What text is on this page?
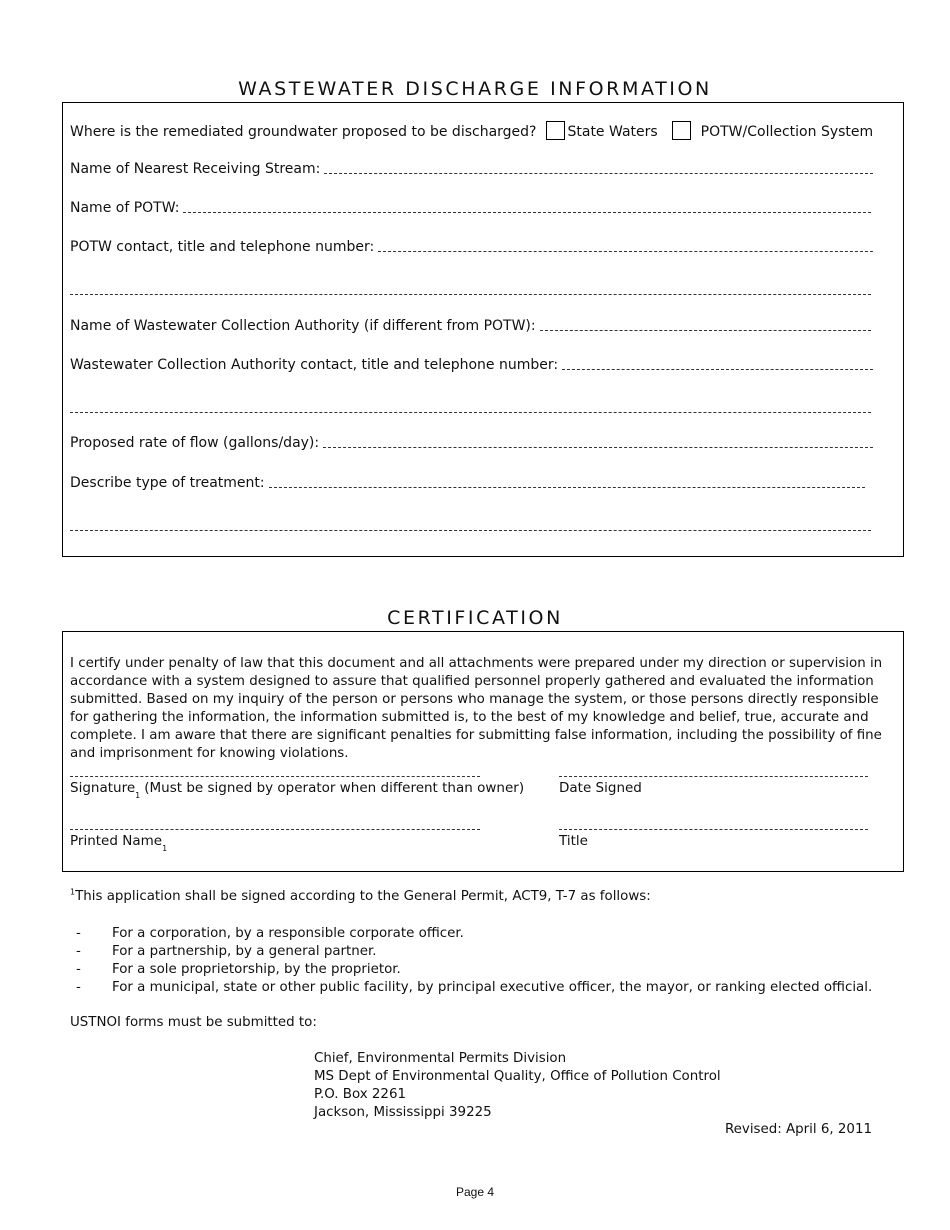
WASTEWATER DISCHARGE INFORMATION
Where is the remediated groundwater proposed to be discharged? State Waters	POTW/Collection System
Name of Nearest Receiving Stream:
Name of POTW:
POTW contact, title and telephone number:
Name of Wastewater Collection Authority (if different from POTW):
Wastewater Collection Authority contact, title and telephone number:
Proposed rate of flow (gallons/day):
Describe type of treatment:
CERTIFICATION
I certify under penalty of law that this document and all attachments were prepared under my direction or supervision in accordance with a system designed to assure that qualified personnel properly gathered and evaluated the information submitted. Based on my inquiry of the person or persons who manage the system, or those persons directly responsible for gathering the information, the information submitted is, to the best of my knowledge and belief, true, accurate and complete. I am aware that there are significant penalties for submitting false information, including the possibility of fine and imprisonment for knowing violations.
Signature 1 (Must be signed by operator when different than owner)	Date Signed
Printed Name 1	Title
$^1$This application shall be signed according to the General Permit, ACT9, T-7 as follows:
-	For a corporation, by a responsible corporate officer.
-	For a partnership, by a general partner.
-	For a sole proprietorship, by the proprietor.
-	For a municipal, state or other public facility, by principal executive officer, the mayor, or ranking elected official.
USTNOI forms must be submitted to:
Chief, Environmental Permits Division
MS Dept of Environmental Quality, Office of Pollution Control
P.O. Box 2261
Jackson, Mississippi 39225
Revised: April 6, 2011
Page 4
